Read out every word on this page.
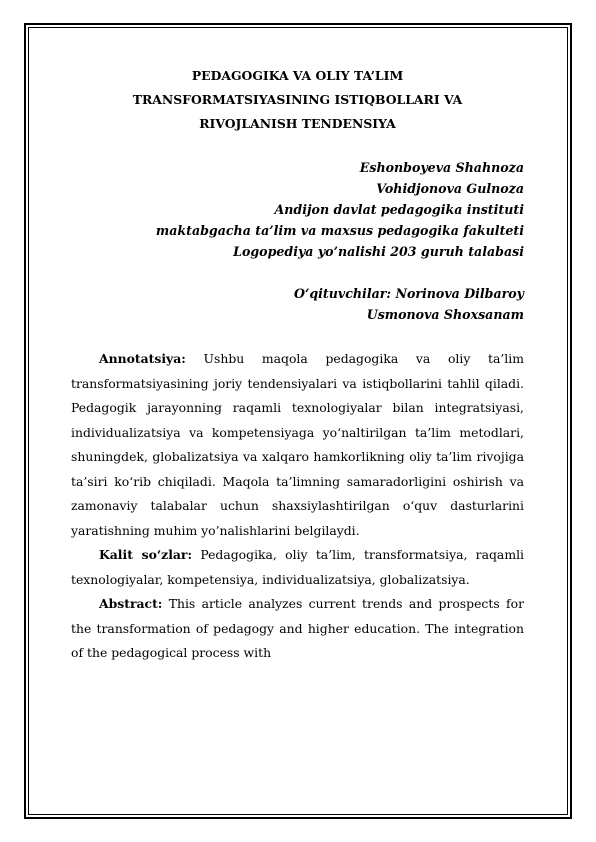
PEDAGOGIKA VA OLIY TA’LIM
TRANSFORMATSIYASINING ISTIQBOLLARI VA
RIVOJLANISH TENDENSIYA
Eshonboyeva Shahnoza
Vohidjonova Gulnoza
Andijon davlat pedagogika instituti
maktabgacha ta’lim va maxsus pedagogika fakulteti
Logopediya yo’nalishi 203 guruh talabasi
O‘qituvchilar: Norinova Dilbaroy
Usmonova Shoxsanam

Annotatsiya: Ushbu maqola pedagogika va oliy ta’lim transformatsiyasining joriy tendensiyalari va istiqbollarini tahlil qiladi. Pedagogik jarayonning raqamli texnologiyalar bilan integratsiyasi, individualizatsiya va kompetensiyaga yo‘naltirilgan ta’lim metodlari, shuningdek, globalizatsiya va xalqaro hamkorlikning oliy ta’lim rivojiga ta’siri ko‘rib chiqiladi. Maqola ta’limning samaradorligini oshirish va zamonaviy talabalar uchun shaxsiylashtirilgan o‘quv dasturlarini yaratishning muhim yo’nalishlarini belgilaydi.

Kalit so‘zlar: Pedagogika, oliy ta’lim, transformatsiya, raqamli texnologiyalar, kompetensiya, individualizatsiya, globalizatsiya.

Abstract: This article analyzes current trends and prospects for the transformation of pedagogy and higher education. The integration of the pedagogical process with
